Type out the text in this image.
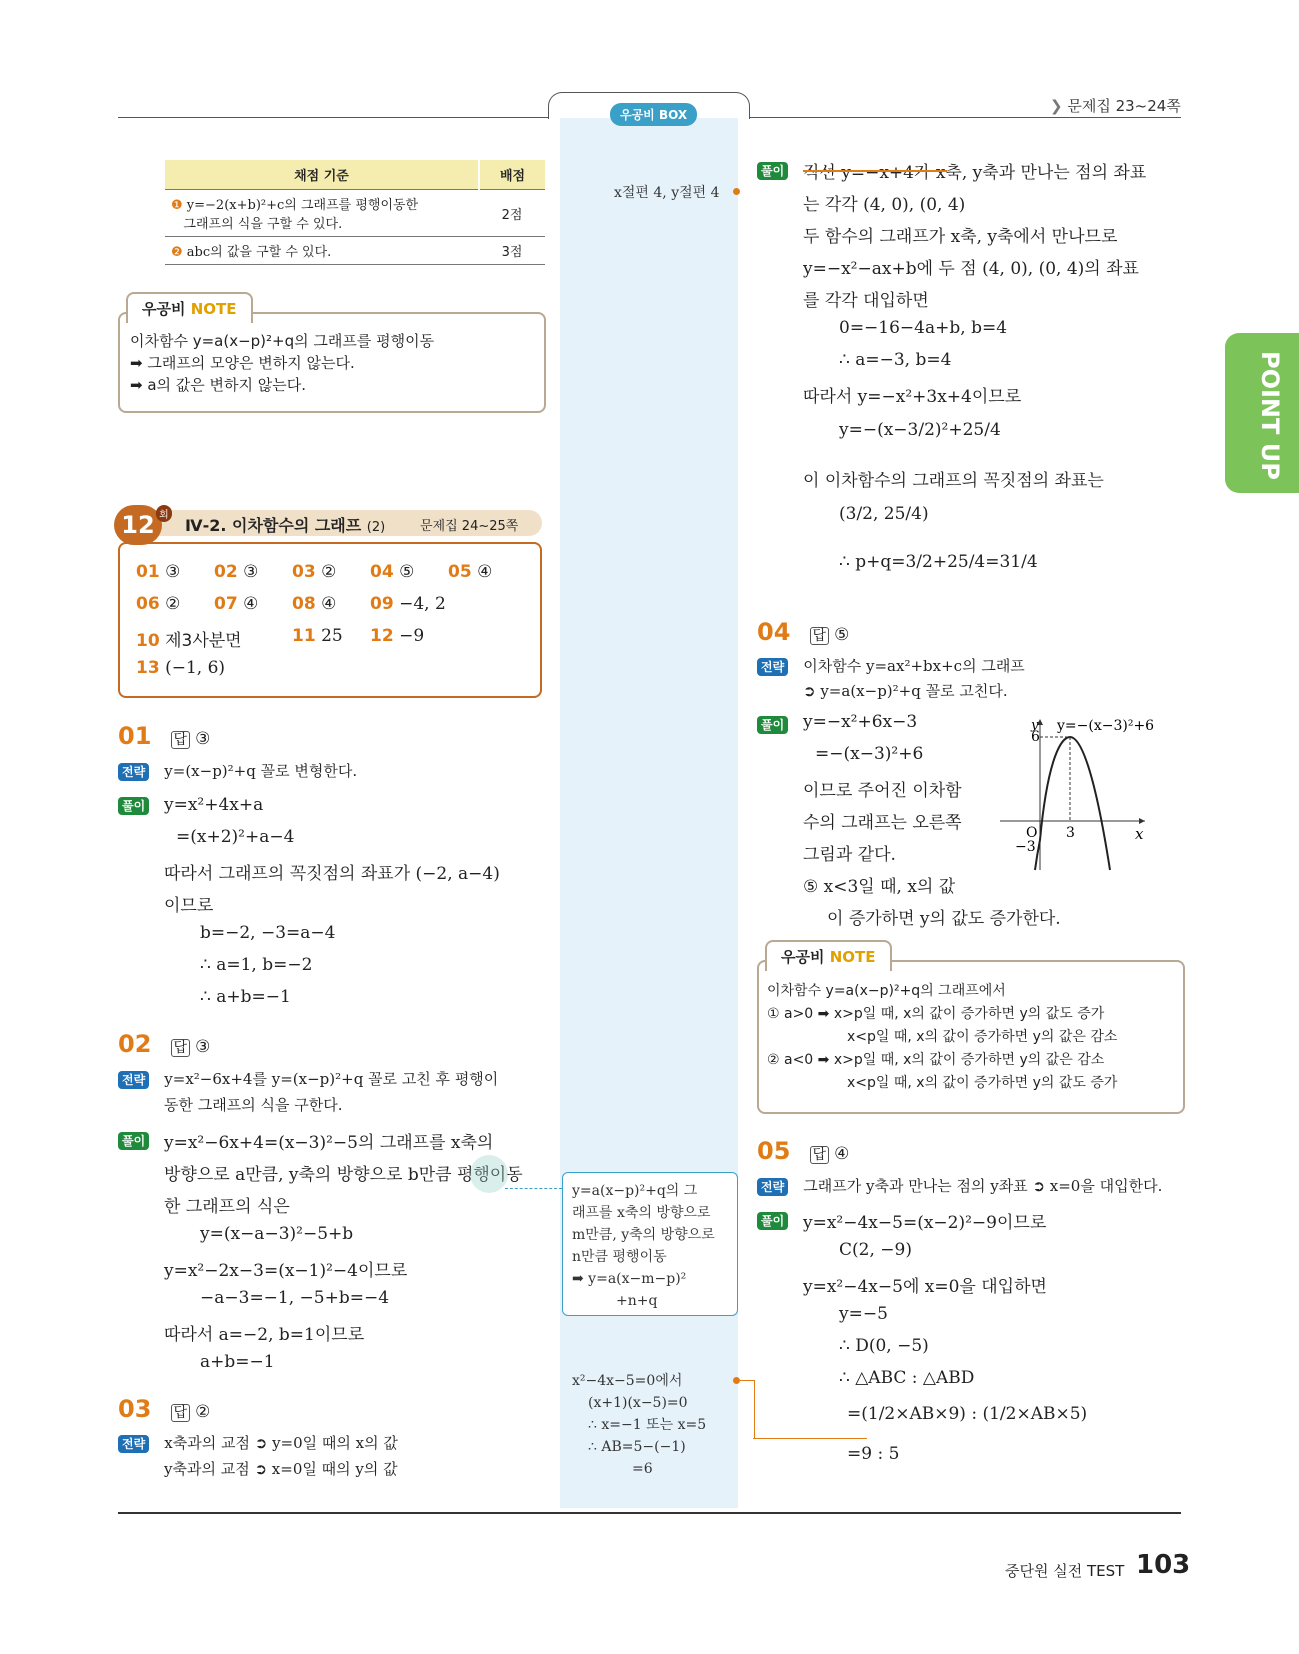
우공비 BOX	❯ 문제집 23~24쪽
채점 기준	배점
❶ y=−2(x+b)²+c의 그래프를 평행이동한
그래프의 식을 구할 수 있다.	2점
❷ abc의 값을 구할 수 있다.	3점
우공비 NOTE
이차함수 y=a(x−p)²+q의 그래프를 평행이동
➡ 그래프의 모양은 변하지 않는다.
➡ a의 값은 변하지 않는다.
12 회
Ⅳ-2. 이차함수의 그래프 (2)	문제집 24~25쪽
01 ③ 02 ③ 03 ② 04 ⑤ 05 ④
06 ② 07 ④ 08 ④ 09 −4, 2
10 제3사분면	11 25 12 −9
13 (−1, 6)
01 답 ③
전략 y=(x−p)²+q 꼴로 변형한다.
풀이 y=x²+4x+a
=(x+2)²+a−4
따라서 그래프의 꼭짓점의 좌표가 (−2, a−4)
이므로
b=−2, −3=a−4
∴ a=1, b=−2
∴ a+b=−1
02 답 ③
전략 y=x²−6x+4를 y=(x−p)²+q 꼴로 고친 후 평행이
동한 그래프의 식을 구한다.
풀이 y=x²−6x+4=(x−3)²−5의 그래프를 x축의
방향으로 a만큼, y축의 방향으로 b만큼 평행이동
한 그래프의 식은
y=(x−a−3)²−5+b
y=x²−2x−3=(x−1)²−4이므로
−a−3=−1, −5+b=−4
따라서 a=−2, b=1이므로
a+b=−1
03 답 ②
전략 x축과의 교점 ➲ y=0일 때의 x의 값
y축과의 교점 ➲ x=0일 때의 y의 값
x절편 4, y절편 4
y=a(x−p)²+q의 그
래프를 x축의 방향으로
m만큼, y축의 방향으로
n만큼 평행이동
➡ y=a(x−m−p)²
+n+q
x²−4x−5=0에서
(x+1)(x−5)=0
∴ x=−1 또는 x=5
∴ AB=5−(−1)
=6
풀이 직선 y=−x+4가 x축, y축과 만나는 점의 좌표
는 각각 (4, 0), (0, 4)
두 함수의 그래프가 x축, y축에서 만나므로
y=−x²−ax+b에 두 점 (4, 0), (0, 4)의 좌표
를 각각 대입하면
0=−16−4a+b, b=4
∴ a=−3, b=4
따라서 y=−x²+3x+4이므로
y=−(x−3/2)²+25/4
이 이차함수의 그래프의 꼭짓점의 좌표는
(3/2, 25/4)
∴ p+q=3/2+25/4=31/4
04 답 ⑤
전략 이차함수 y=ax²+bx+c의 그래프
➲ y=a(x−p)²+q 꼴로 고친다.
풀이 y=−x²+6x−3
=−(x−3)²+6
이므로 주어진 이차함
수의 그래프는 오른쪽
그림과 같다.
⑤ x<3일 때, x의 값
이 증가하면 y의 값도 증가한다.
6
3
−3
O	x
y y=−(x−3)²+6
우공비 NOTE
이차함수 y=a(x−p)²+q의 그래프에서
① a>0 ➡ x>p일 때, x의 값이 증가하면 y의 값도 증가
x<p일 때, x의 값이 증가하면 y의 값은 감소
② a<0 ➡ x>p일 때, x의 값이 증가하면 y의 값은 감소
x<p일 때, x의 값이 증가하면 y의 값도 증가
05 답 ④
전략 그래프가 y축과 만나는 점의 y좌표 ➲ x=0을 대입한다.
풀이 y=x²−4x−5=(x−2)²−9이므로
C(2, −9)
y=x²−4x−5에 x=0을 대입하면
y=−5
∴ D(0, −5)
∴ △ABC : △ABD
=(1/2×AB×9) : (1/2×AB×5)
=9 : 5
POINT UP
중단원 실전 TEST 103
